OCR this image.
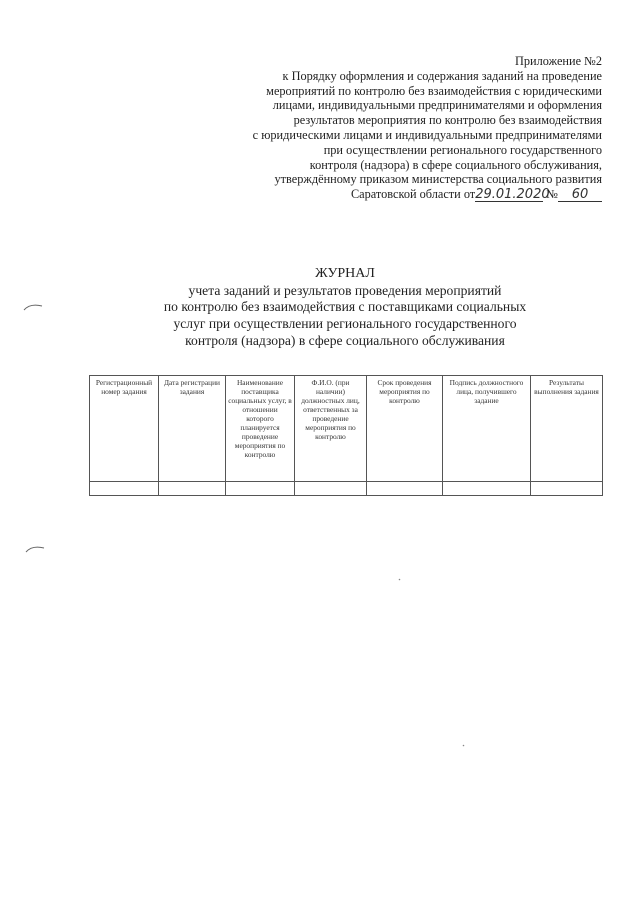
Приложение №2
к Порядку оформления и содержания заданий на проведение
мероприятий по контролю без взаимодействия с юридическими
лицами, индивидуальными предпринимателями и оформления
результатов мероприятия по контролю без взаимодействия
с юридическими лицами и индивидуальными предпринимателями
при осуществлении регионального государственного
контроля (надзора) в сфере социального обслуживания,
утверждённому приказом министерства социального развития
Саратовской области от29.01.2020 № 60
ЖУРНАЛ
учета заданий и результатов проведения мероприятий
по контролю без взаимодействия с поставщиками социальных
услуг при осуществлении регионального государственного
контроля (надзора) в сфере социального обслуживания
Регистрационный номер задания	Дата регистрации задания	Наименование поставщика социальных услуг, в отношении которого планируется проведение мероприятия по контролю	Ф.И.О. (при наличии) должностных лиц, ответственных за проведение мероприятия по контролю	Срок проведения мероприятия по контролю	Подпись должностного лица, получившего задание	Результаты выполнения задания
